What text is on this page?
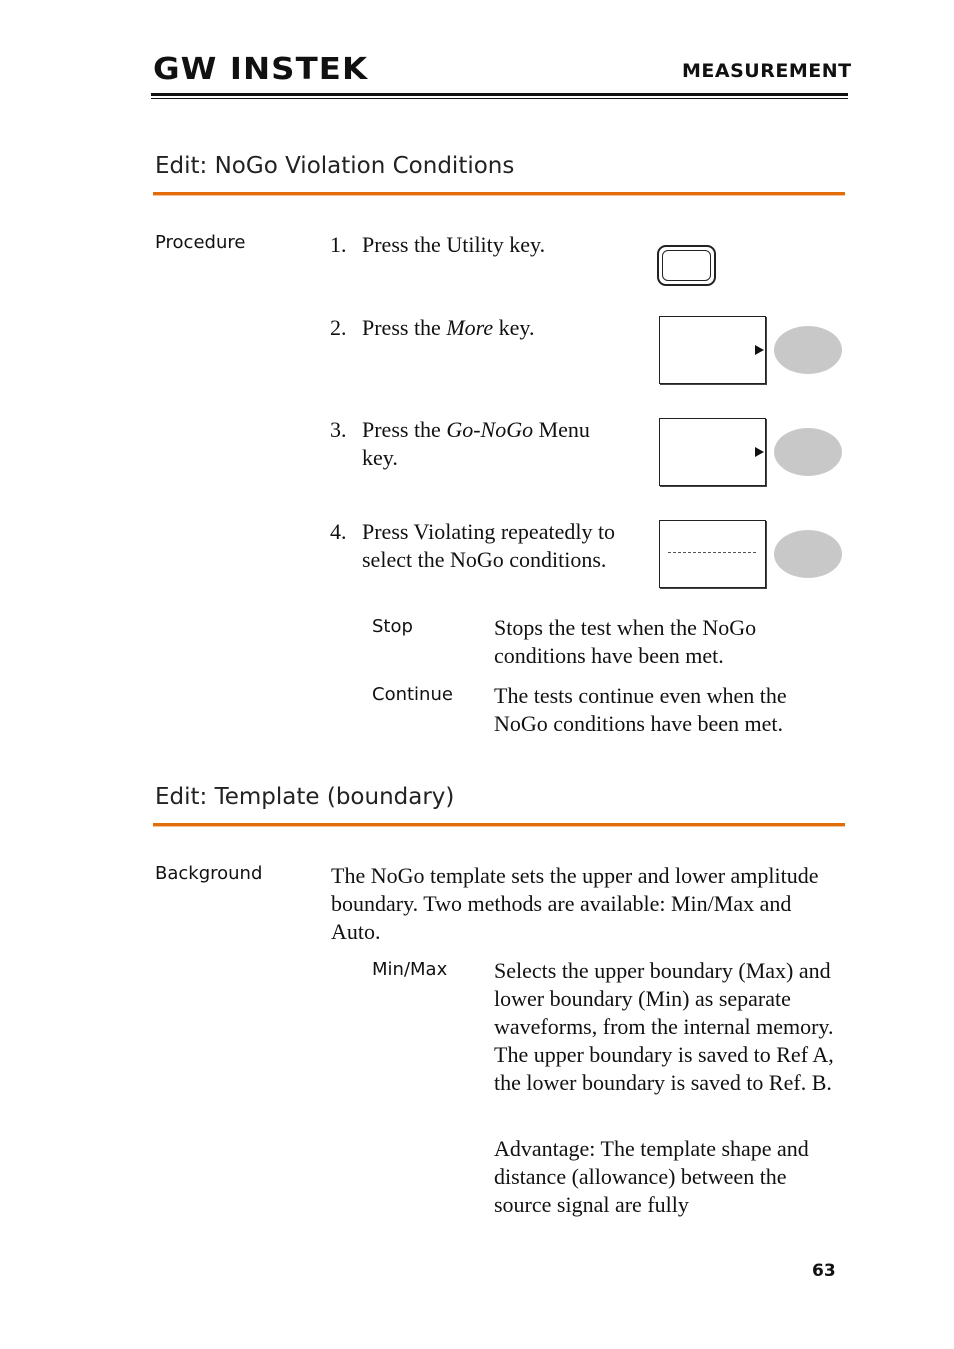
GW INSTEK	MEASUREMENT
Edit: NoGo Violation Conditions
Procedure	1. Press the Utility key.
2. Press the More key.
3. Press the Go-NoGo Menu key.
4. Press Violating repeatedly to select the NoGo conditions.
Stop	Stops the test when the NoGo conditions have been met.
Continue The tests continue even when the NoGo conditions have been met.
Edit: Template (boundary)
Background	The NoGo template sets the upper and lower amplitude boundary. Two methods are available: Min/Max and Auto.
Min/Max Selects the upper boundary (Max) and lower boundary (Min) as separate waveforms, from the internal memory. The upper boundary is saved to Ref A, the lower boundary is saved to Ref. B.
Advantage: The template shape and distance (allowance) between the source signal are fully
63
